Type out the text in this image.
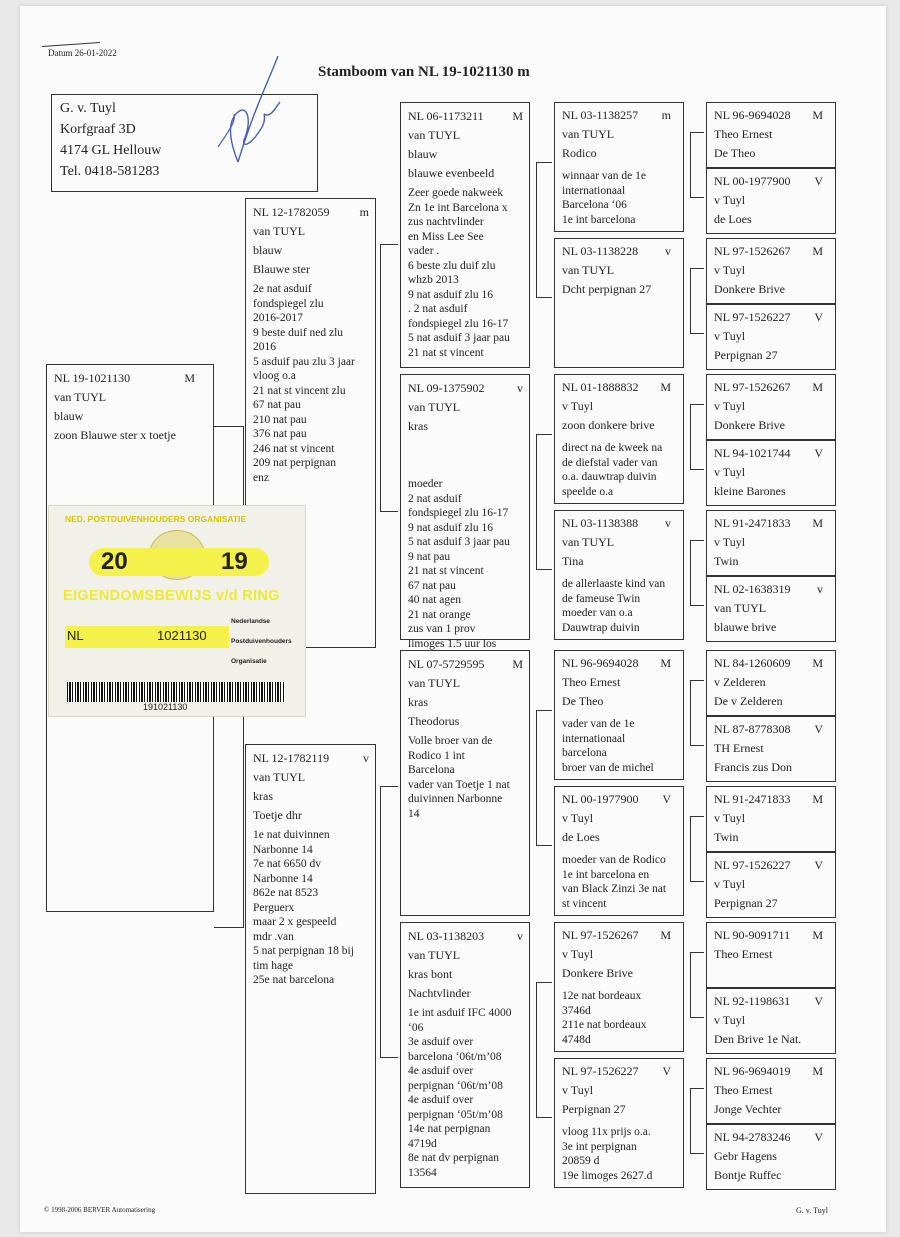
Datum 26-01-2022
Stamboom van NL 19-1021130 m
G. v. Tuyl
Korfgraaf 3D
4174 GL Hellouw
Tel. 0418-581283
NL 19-1021130	M
van TUYL
blauw
zoon Blauwe ster x toetje
NL 12-1782059	m
van TUYL
blauw
Blauwe ster
2e nat asduif
fondspiegel zlu
2016-2017
9 beste duif ned zlu
2016
5 asduif pau zlu 3 jaar
vloog o.a
21 nat st vincent zlu
67 nat pau
210 nat pau
376 nat pau
246 nat st vincent
209 nat perpignan
enz
NL 12-1782119	v
van TUYL
kras
Toetje dhr
1e nat duivinnen
Narbonne 14
7e nat 6650 dv
Narbonne 14
862e nat 8523
Perguerx
maar 2 x gespeeld
mdr .van
5 nat perpignan 18 bij
tim hage
25e nat barcelona
NL 06-1173211 M
van TUYL
blauw
blauwe evenbeeld
Zeer goede nakweek
Zn 1e int Barcelona x
zus nachtvlinder
en Miss Lee See
vader .
6 beste zlu duif zlu
whzb 2013
9 nat asduif zlu 16
. 2 nat asduif
fondspiegel zlu 16-17
5 nat asduif 3 jaar pau
21 nat st vincent
NL 09-1375902	v
van TUYL
kras
moeder
2 nat asduif
fondspiegel zlu 16-17
9 nat asduif zlu 16
5 nat asduif 3 jaar pau
9 nat pau
21 nat st vincent
67 nat pau
40 nat agen
21 nat orange
zus van 1 prov
limoges 1.5 uur los
NL 07-5729595 M
van TUYL
kras
Theodorus
Volle broer van de
Rodico 1 int
Barcelona
vader van Toetje 1 nat
duivinnen Narbonne
14
NL 03-1138203	v
van TUYL
kras bont
Nachtvlinder
1e int asduif IFC 4000
‘06
3e asduif over
barcelona ‘06t/m’08
4e asduif over
perpignan ‘06t/m’08
4e asduif over
perpignan ‘05t/m’08
14e nat perpignan
4719d
8e nat dv perpignan
13564
© 1998-2006 BERVER Automatisering	G. v. Tuyl
NL 03-1138257 m
van TUYL
Rodico
winnaar van de 1e
internationaal
Barcelona ‘06
1e int barcelona
NL 03-1138228 v
van TUYL
Dcht perpignan 27
NL 01-1888832 M
v Tuyl
zoon donkere brive
direct na de kweek na
de diefstal vader van
o.a. dauwtrap duivin
speelde o.a
NL 03-1138388 v
van TUYL
Tina
de allerlaaste kind van
de fameuse Twin
moeder van o.a
Dauwtrap duivin
NL 96-9694028 M
Theo Ernest
De Theo
vader van de 1e
internationaal
barcelona
broer van de michel
NL 00-1977900 V
v Tuyl
de Loes
moeder van de Rodico
1e int barcelona en
van Black Zinzi 3e nat
st vincent
NL 97-1526267 M
v Tuyl
Donkere Brive
12e nat bordeaux
3746d
211e nat bordeaux
4748d
NL 97-1526227 V
v Tuyl
Perpignan 27
vloog 11x prijs o.a.
3e int perpignan
20859 d
19e limoges 2627.d
NL 96-9694028 M
Theo Ernest
De Theo
NL 00-1977900 V
v Tuyl
de Loes
NL 97-1526267 M
v Tuyl
Donkere Brive
NL 97-1526227 V
v Tuyl
Perpignan 27
NL 97-1526267 M
v Tuyl
Donkere Brive
NL 94-1021744 V
v Tuyl
kleine Barones
NL 91-2471833 M
v Tuyl
Twin
NL 02-1638319 v
van TUYL
blauwe brive
NL 84-1260609 M
v Zelderen
De v Zelderen
NL 87-8778308 V
TH Ernest
Francis zus Don
NL 91-2471833 M
v Tuyl
Twin
NL 97-1526227 V
v Tuyl
Perpignan 27
NL 90-9091711 M
Theo Ernest
NL 92-1198631 V
v Tuyl
Den Brive 1e Nat.
NL 96-9694019 M
Theo Ernest
Jonge Vechter
NL 94-2783246 V
Gebr Hagens
Bontje Ruffec
NED. POSTDUIVENHOUDERS ORGANISATIE
20	19
EIGENDOMSBEWIJS v/d RING
NL	1021130
Nederlandse
Postduivenhouders
Organisatie
191021130
